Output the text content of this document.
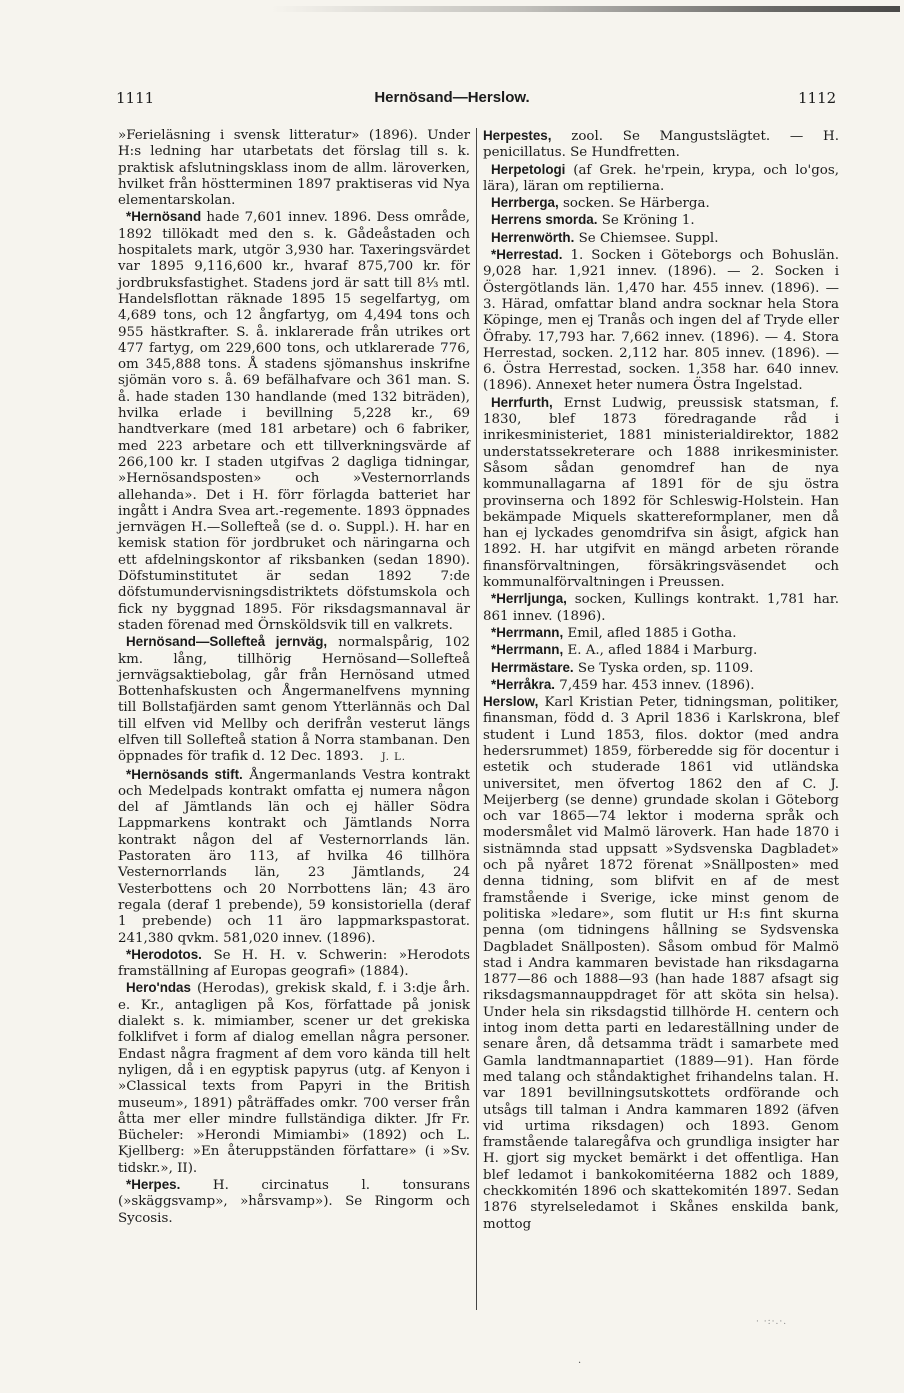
1111	Hernösand—Herslow.	1112

»Ferieläsning i svensk litteratur» (1896). Under H:s ledning har utarbetats det förslag till s. k. praktisk afslutningsklass inom de allm. läroverken, hvilket från höstterminen 1897 praktiseras vid Nya elementarskolan.

*Hernösand hade 7,601 innev. 1896. Dess område, 1892 tillökadt med den s. k. Gådeåstaden och hospitalets mark, utgör 3,930 har. Taxeringsvärdet var 1895 9,116,600 kr., hvaraf 875,700 kr. för jordbruksfastighet. Stadens jord är satt till 8⅓ mtl. Handelsflottan räknade 1895 15 segelfartyg, om 4,689 tons, och 12 ångfartyg, om 4,494 tons och 955 hästkrafter. S. å. inklarerade från utrikes ort 477 fartyg, om 229,600 tons, och utklarerade 776, om 345,888 tons. Å stadens sjömanshus inskrifne sjömän voro s. å. 69 befälhafvare och 361 man. S. å. hade staden 130 handlande (med 132 biträden), hvilka erlade i bevillning 5,228 kr., 69 handtverkare (med 181 arbetare) och 6 fabriker, med 223 arbetare och ett tillverkningsvärde af 266,100 kr. I staden utgifvas 2 dagliga tidningar, »Hernösandsposten» och »Vesternorrlands allehanda». Det i H. förr förlagda batteriet har ingått i Andra Svea art.-regemente. 1893 öppnades jernvägen H.—Sollefteå (se d. o. Suppl.). H. har en kemisk station för jordbruket och näringarna och ett afdelningskontor af riksbanken (sedan 1890). Döfstuminstitutet är sedan 1892 7:de döfstumundervisningsdistriktets döfstumskola och fick ny byggnad 1895. För riksdagsmannaval är staden förenad med Örnsköldsvik till en valkrets.

Hernösand—Sollefteå jernväg, normalspårig, 102 km. lång, tillhörig Hernösand—Sollefteå jernvägsaktiebolag, går från Hernösand utmed Bottenhafskusten och Ångermanelfvens mynning till Bollstafjärden samt genom Ytterlännäs och Dal till elfven vid Mellby och derifrån vesterut längs elfven till Sollefteå station å Norra stambanan. Den öppnades för trafik d. 12 Dec. 1893. J. L.

*Hernösands stift. Ångermanlands Vestra kontrakt och Medelpads kontrakt omfatta ej numera någon del af Jämtlands län och ej häller Södra Lappmarkens kontrakt och Jämtlands Norra kontrakt någon del af Vesternorrlands län. Pastoraten äro 113, af hvilka 46 tillhöra Vesternorrlands län, 23 Jämtlands, 24 Vesterbottens och 20 Norrbottens län; 43 äro regala (deraf 1 prebende), 59 konsistoriella (deraf 1 prebende) och 11 äro lappmarkspastorat. 241,380 qvkm. 581,020 innev. (1896).

*Herodotos. Se H. H. v. Schwerin: »Herodots framställning af Europas geografi» (1884).

Hero'ndas (Herodas), grekisk skald, f. i 3:dje årh. e. Kr., antagligen på Kos, författade på jonisk dialekt s. k. mimiamber, scener ur det grekiska folklifvet i form af dialog emellan några personer. Endast några fragment af dem voro kända till helt nyligen, då i en egyptisk papyrus (utg. af Kenyon i »Classical texts from Papyri in the British museum», 1891) påträffades omkr. 700 verser från åtta mer eller mindre fullständiga dikter. Jfr Fr. Bücheler: »Herondi Mimiambi» (1892) och L. Kjellberg: »En återuppständen författare» (i »Sv. tidskr.», II).

*Herpes. H. circinatus l. tonsurans (»skäggsvamp», »hårsvamp»). Se Ringorm och Sycosis.

Herpestes, zool. Se Mangustslägtet. — H. penicillatus. Se Hundfretten.

Herpetologi (af Grek. he'rpein, krypa, och lo'gos, lära), läran om reptilierna.

Herrberga, socken. Se Härberga.

Herrens smorda. Se Kröning 1.

Herrenwörth. Se Chiemsee. Suppl.

*Herrestad. 1. Socken i Göteborgs och Bohuslän. 9,028 har. 1,921 innev. (1896). — 2. Socken i Östergötlands län. 1,470 har. 455 innev. (1896). — 3. Härad, omfattar bland andra socknar hela Stora Köpinge, men ej Tranås och ingen del af Tryde eller Öfraby. 17,793 har. 7,662 innev. (1896). — 4. Stora Herrestad, socken. 2,112 har. 805 innev. (1896). — 6. Östra Herrestad, socken. 1,358 har. 640 innev. (1896). Annexet heter numera Östra Ingelstad.

Herrfurth, Ernst Ludwig, preussisk statsman, f. 1830, blef 1873 föredragande råd i inrikesministeriet, 1881 ministerialdirektor, 1882 understatssekreterare och 1888 inrikesminister. Såsom sådan genomdref han de nya kommunallagarna af 1891 för de sju östra provinserna och 1892 för Schleswig-Holstein. Han bekämpade Miquels skattereformplaner, men då han ej lyckades genomdrifva sin åsigt, afgick han 1892. H. har utgifvit en mängd arbeten rörande finansförvaltningen, försäkringsväsendet och kommunalförvaltningen i Preussen.

*Herrljunga, socken, Kullings kontrakt. 1,781 har. 861 innev. (1896).

*Herrmann, Emil, afled 1885 i Gotha.

*Herrmann, E. A., afled 1884 i Marburg.

Herrmästare. Se Tyska orden, sp. 1109.

*Herråkra. 7,459 har. 453 innev. (1896).

Herslow, Karl Kristian Peter, tidningsman, politiker, finansman, född d. 3 April 1836 i Karlskrona, blef student i Lund 1853, filos. doktor (med andra hedersrummet) 1859, förberedde sig för docentur i estetik och studerade 1861 vid utländska universitet, men öfvertog 1862 den af C. J. Meijerberg (se denne) grundade skolan i Göteborg och var 1865—74 lektor i moderna språk och modersmålet vid Malmö läroverk. Han hade 1870 i sistnämnda stad uppsatt »Sydsvenska Dagbladet» och på nyåret 1872 förenat »Snällposten» med denna tidning, som blifvit en af de mest framstående i Sverige, icke minst genom de politiska »ledare», som flutit ur H:s fint skurna penna (om tidningens hållning se Sydsvenska Dagbladet Snällposten). Såsom ombud för Malmö stad i Andra kammaren bevistade han riksdagarna 1877—86 och 1888—93 (han hade 1887 afsagt sig riksdagsmannauppdraget för att sköta sin helsa). Under hela sin riksdagstid tillhörde H. centern och intog inom detta parti en ledareställning under de senare åren, då detsamma trädt i samarbete med Gamla landtmannapartiet (1889—91). Han förde med talang och ståndaktighet frihandelns talan. H. var 1891 bevillningsutskottets ordförande och utsågs till talman i Andra kammaren 1892 (äfven vid urtima riksdagen) och 1893. Genom framstående talaregåfva och grundliga insigter har H. gjort sig mycket bemärkt i det offentliga. Han blef ledamot i bankokomitéerna 1882 och 1889, checkkomitén 1896 och skattekomitén 1897. Sedan 1876 styrelseledamot i Skånes enskilda bank, mottog

· ·:·.·.
·
